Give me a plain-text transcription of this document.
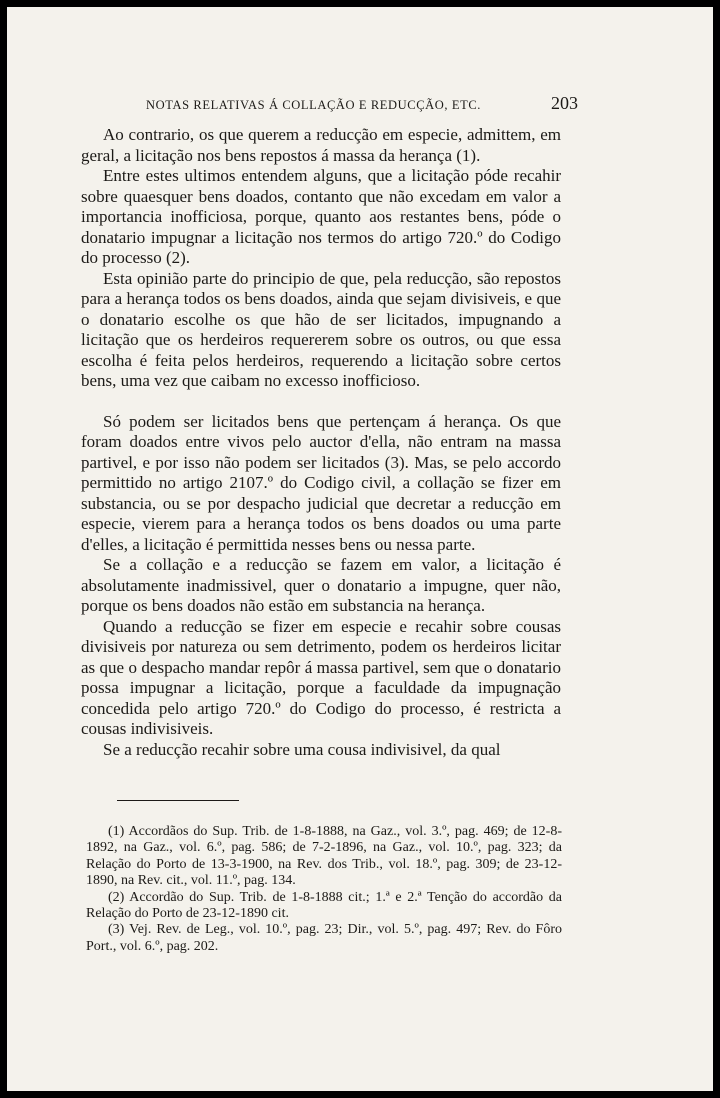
NOTAS RELATIVAS Á COLLAÇÃO E REDUCÇÃO, ETC.	203

Ao contrario, os que querem a reducção em especie, admittem, em geral, a licitação nos bens repostos á massa da herança (1).

Entre estes ultimos entendem alguns, que a licitação póde recahir sobre quaesquer bens doados, contanto que não excedam em valor a importancia inofficiosa, porque, quanto aos restantes bens, póde o donatario impugnar a licitação nos termos do artigo 720.º do Codigo do processo (2).

Esta opinião parte do principio de que, pela reducção, são repostos para a herança todos os bens doados, ainda que sejam divisiveis, e que o donatario escolhe os que hão de ser licitados, impugnando a licitação que os herdeiros requererem sobre os outros, ou que essa escolha é feita pelos herdeiros, requerendo a licitação sobre certos bens, uma vez que caibam no excesso inofficioso.

Só podem ser licitados bens que pertençam á herança. Os que foram doados entre vivos pelo auctor d'ella, não entram na massa partivel, e por isso não podem ser licitados (3). Mas, se pelo accordo permittido no artigo 2107.º do Codigo civil, a collação se fizer em substancia, ou se por despacho judicial que decretar a reducção em especie, vierem para a herança todos os bens doados ou uma parte d'elles, a licitação é permittida nesses bens ou nessa parte.

Se a collação e a reducção se fazem em valor, a licitação é absolutamente inadmissivel, quer o donatario a impugne, quer não, porque os bens doados não estão em substancia na herança.

Quando a reducção se fizer em especie e recahir sobre cousas divisiveis por natureza ou sem detrimento, podem os herdeiros licitar as que o despacho mandar repôr á massa partivel, sem que o donatario possa impugnar a licitação, porque a faculdade da impugnação concedida pelo artigo 720.º do Codigo do processo, é restricta a cousas indivisiveis.

Se a reducção recahir sobre uma cousa indivisivel, da qual

(1) Accordãos do Sup. Trib. de 1-8-1888, na Gaz., vol. 3.º, pag. 469; de 12-8-1892, na Gaz., vol. 6.º, pag. 586; de 7-2-1896, na Gaz., vol. 10.º, pag. 323; da Relação do Porto de 13-3-1900, na Rev. dos Trib., vol. 18.º, pag. 309; de 23-12-1890, na Rev. cit., vol. 11.º, pag. 134.

(2) Accordão do Sup. Trib. de 1-8-1888 cit.; 1.ª e 2.ª Tenção do accordão da Relação do Porto de 23-12-1890 cit.

(3) Vej. Rev. de Leg., vol. 10.º, pag. 23; Dir., vol. 5.º, pag. 497; Rev. do Fôro Port., vol. 6.º, pag. 202.
